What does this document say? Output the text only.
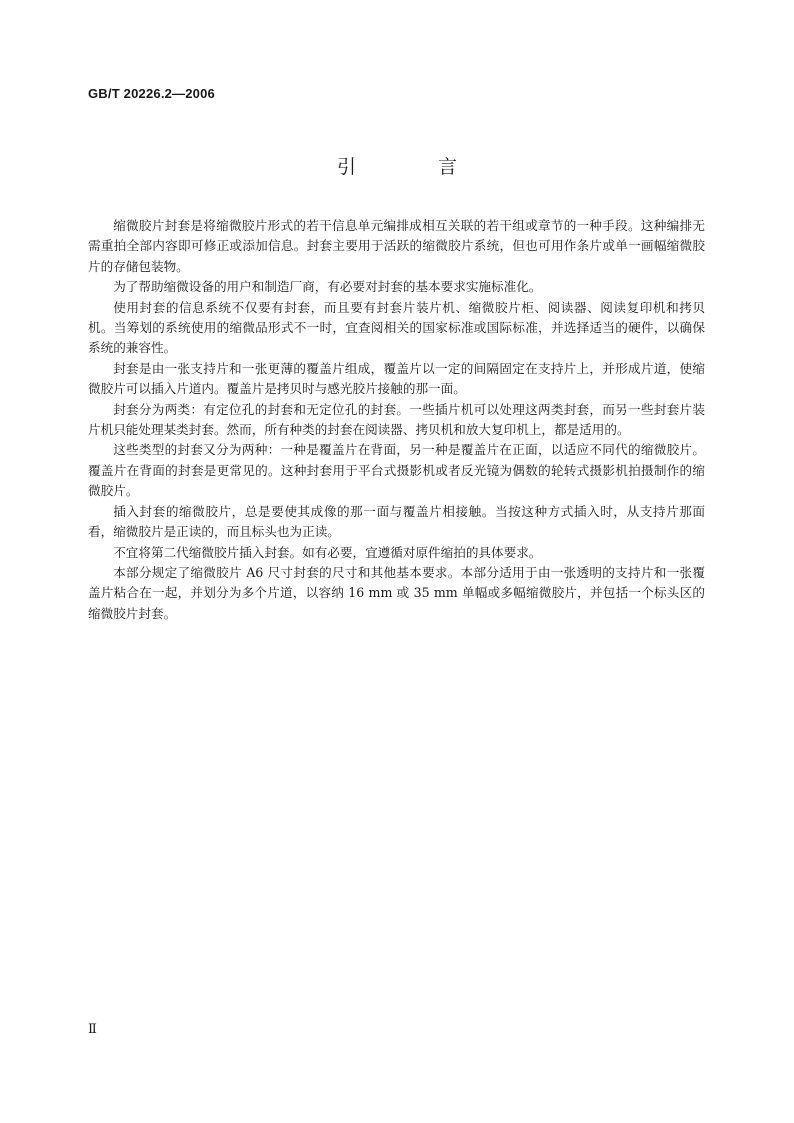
GB/T 20226.2—2006
引 言

缩微胶片封套是将缩微胶片形式的若干信息单元编排成相互关联的若干组或章节的一种手段。这种编排无需重拍全部内容即可修正或添加信息。封套主要用于活跃的缩微胶片系统，但也可用作条片或单一画幅缩微胶片的存储包装物。

为了帮助缩微设备的用户和制造厂商，有必要对封套的基本要求实施标准化。

使用封套的信息系统不仅要有封套，而且要有封套片装片机、缩微胶片柜、阅读器、阅读复印机和拷贝机。当筹划的系统使用的缩微品形式不一时，宜查阅相关的国家标准或国际标准，并选择适当的硬件，以确保系统的兼容性。

封套是由一张支持片和一张更薄的覆盖片组成，覆盖片以一定的间隔固定在支持片上，并形成片道，使缩微胶片可以插入片道内。覆盖片是拷贝时与感光胶片接触的那一面。

封套分为两类：有定位孔的封套和无定位孔的封套。一些插片机可以处理这两类封套，而另一些封套片装片机只能处理某类封套。然而，所有种类的封套在阅读器、拷贝机和放大复印机上，都是适用的。

这些类型的封套又分为两种：一种是覆盖片在背面，另一种是覆盖片在正面，以适应不同代的缩微胶片。覆盖片在背面的封套是更常见的。这种封套用于平台式摄影机或者反光镜为偶数的轮转式摄影机拍摄制作的缩微胶片。

插入封套的缩微胶片，总是要使其成像的那一面与覆盖片相接触。当按这种方式插入时，从支持片那面看，缩微胶片是正读的，而且标头也为正读。

不宜将第二代缩微胶片插入封套。如有必要，宜遵循对原件缩拍的具体要求。

本部分规定了缩微胶片 A6 尺寸封套的尺寸和其他基本要求。本部分适用于由一张透明的支持片和一张覆盖片粘合在一起，并划分为多个片道，以容纳 16 mm 或 35 mm 单幅或多幅缩微胶片，并包括一个标头区的缩微胶片封套。

Ⅱ
